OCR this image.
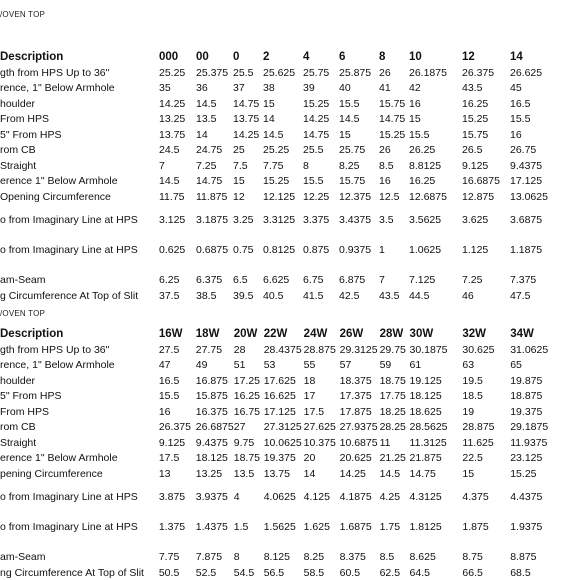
/OVEN TOP
Description	000	00	0	2	4	6	8	10	12	14
gth from HPS Up to 36"	25.25	25.375	25.5	25.625	25.75	25.875	26	26.1875	26.375	26.625
rence, 1" Below Armhole	35	36	37	38	39	40	41	42	43.5	45
houlder	14.25	14.5	14.75	15	15.25	15.5	15.75	16	16.25	16.5
From HPS	13.25	13.5	13.75	14	14.25	14.5	14.75	15	15.25	15.5
5" From HPS	13.75	14	14.25	14.5	14.75	15	15.25	15.5	15.75	16
rom CB	24.5	24.75	25	25.25	25.5	25.75	26	26.25	26.5	26.75
Straight	7	7.25	7.5	7.75	8	8.25	8.5	8.8125	9.125	9.4375
erence 1" Below Armhole	14.5	14.75	15	15.25	15.5	15.75	16	16.25	16.6875	17.125
Opening Circumference	11.75	11.875	12	12.125	12.25	12.375	12.5	12.6875	12.875	13.0625
o from Imaginary Line at HPS	3.125	3.1875	3.25	3.3125	3.375	3.4375	3.5	3.5625	3.625	3.6875
o from Imaginary Line at HPS	0.625	0.6875	0.75	0.8125	0.875	0.9375	1	1.0625	1.125	1.1875

am-Seam	6.25	6.375	6.5	6.625	6.75	6.875	7	7.125	7.25	7.375
g Circumference At Top of Slit	37.5	38.5	39.5	40.5	41.5	42.5	43.5	44.5	46	47.5
/OVEN TOP
Description	16W	18W	20W	22W	24W	26W	28W	30W	32W	34W
gth from HPS Up to 36"	27.5	27.75	28	28.4375	28.875	29.3125	29.75	30.1875	30.625	31.0625
rence, 1" Below Armhole	47	49	51	53	55	57	59	61	63	65
houlder	16.5	16.875	17.25	17.625	18	18.375	18.75	19.125	19.5	19.875
5" From HPS	15.5	15.875	16.25	16.625	17	17.375	17.75	18.125	18.5	18.875
From HPS	16	16.375	16.75	17.125	17.5	17.875	18.25	18.625	19	19.375
rom CB	26.375	26.6875	27	27.3125	27.625	27.9375	28.25	28.5625	28.875	29.1875
Straight	9.125	9.4375	9.75	10.0625	10.375	10.6875	11	11.3125	11.625	11.9375
erence 1" Below Armhole	17.5	18.125	18.75	19.375	20	20.625	21.25	21.875	22.5	23.125
pening Circumference	13	13.25	13.5	13.75	14	14.25	14.5	14.75	15	15.25
o from Imaginary Line at HPS	3.875	3.9375	4	4.0625	4.125	4.1875	4.25	4.3125	4.375	4.4375
o from Imaginary Line at HPS	1.375	1.4375	1.5	1.5625	1.625	1.6875	1.75	1.8125	1.875	1.9375

am-Seam	7.75	7.875	8	8.125	8.25	8.375	8.5	8.625	8.75	8.875
ng Circumference At Top of Slit	50.5	52.5	54.5	56.5	58.5	60.5	62.5	64.5	66.5	68.5
